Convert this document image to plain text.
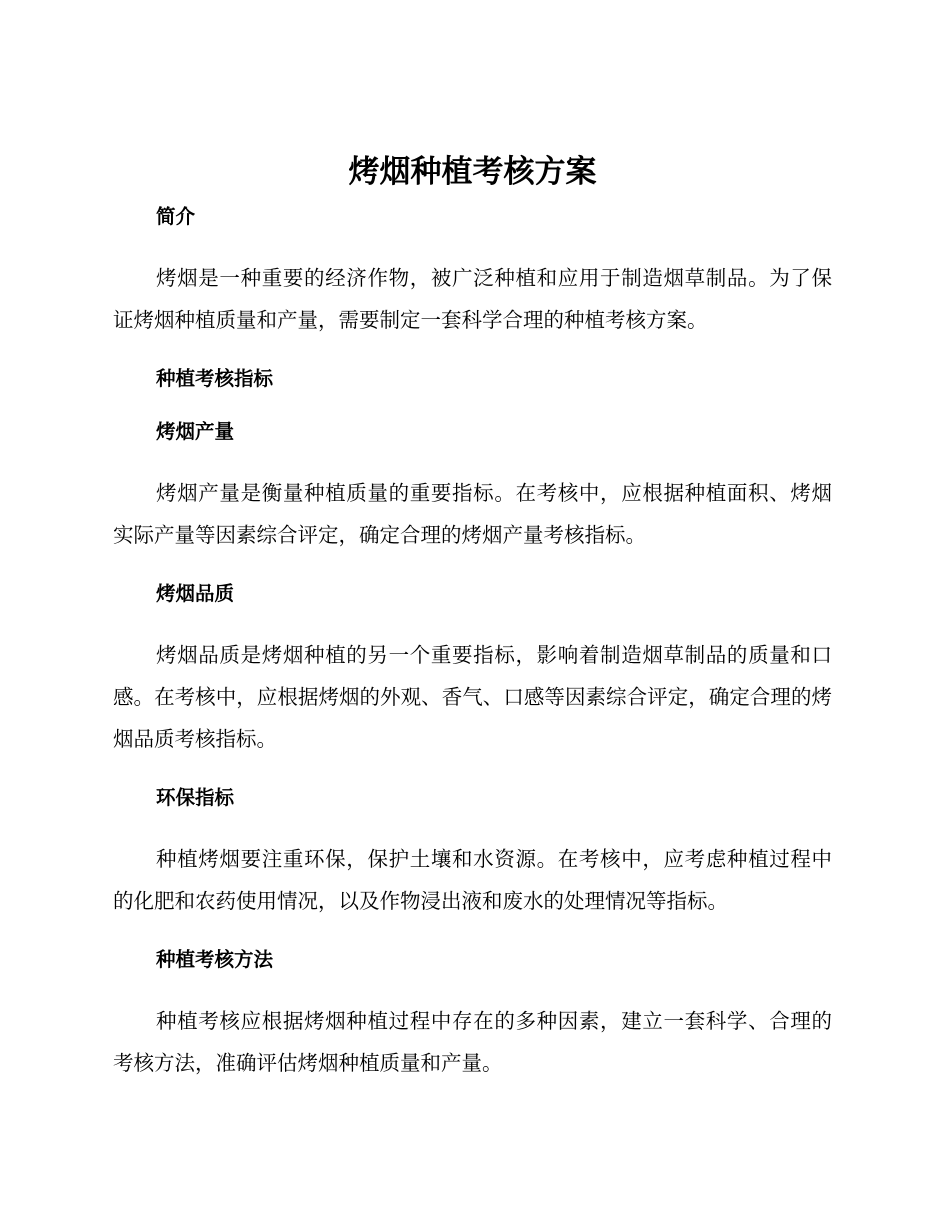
烤烟种植考核方案
简介

烤烟是一种重要的经济作物，被广泛种植和应用于制造烟草制品。为了保证烤烟种植质量和产量，需要制定一套科学合理的种植考核方案。

种植考核指标
烤烟产量

烤烟产量是衡量种植质量的重要指标。在考核中，应根据种植面积、烤烟实际产量等因素综合评定，确定合理的烤烟产量考核指标。

烤烟品质

烤烟品质是烤烟种植的另一个重要指标，影响着制造烟草制品的质量和口感。在考核中，应根据烤烟的外观、香气、口感等因素综合评定，确定合理的烤烟品质考核指标。

环保指标

种植烤烟要注重环保，保护土壤和水资源。在考核中，应考虑种植过程中的化肥和农药使用情况，以及作物浸出液和废水的处理情况等指标。

种植考核方法

种植考核应根据烤烟种植过程中存在的多种因素，建立一套科学、合理的考核方法，准确评估烤烟种植质量和产量。
